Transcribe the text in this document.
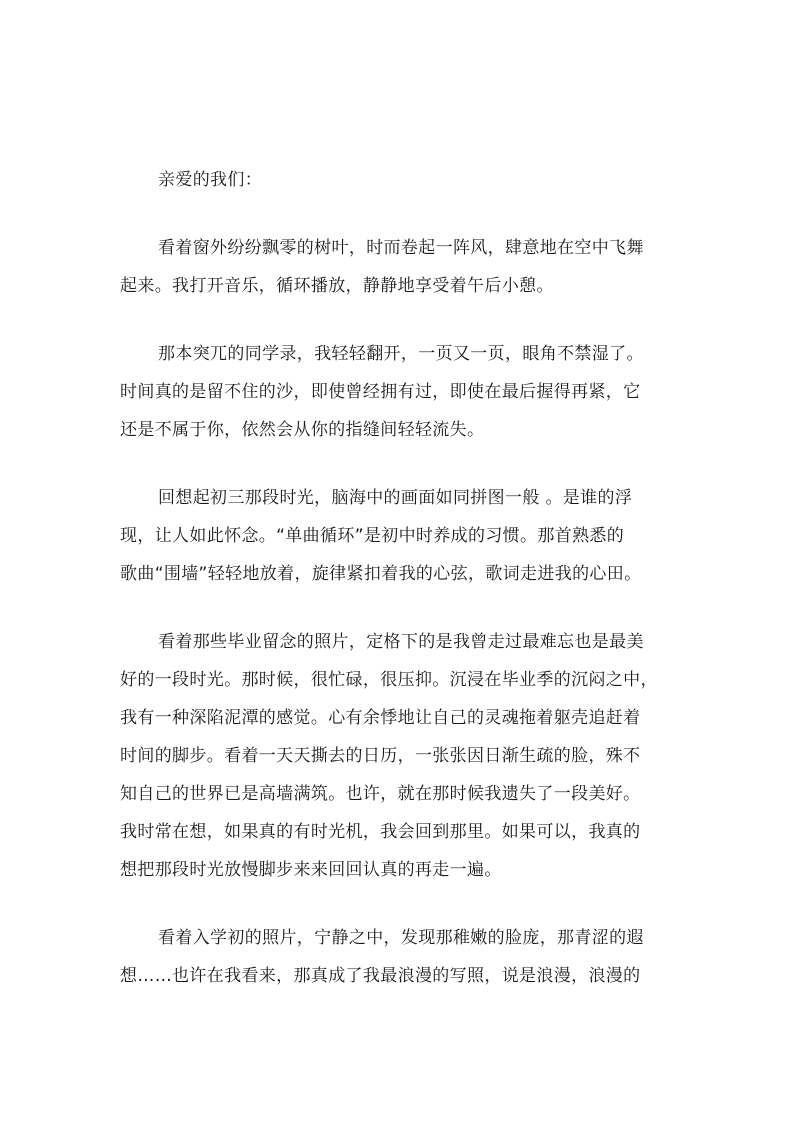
亲爱的我们：
看着窗外纷纷飘零的树叶，时而卷起一阵风，肆意地在空中飞舞
起来。我打开音乐，循环播放，静静地享受着午后小憩。
那本突兀的同学录，我轻轻翻开，一页又一页，眼角不禁湿了。
时间真的是留不住的沙，即使曾经拥有过，即使在最后握得再紧，它
还是不属于你，依然会从你的指缝间轻轻流失。
回想起初三那段时光，脑海中的画面如同拼图一般 。是谁的浮
现，让人如此怀念。“单曲循环”是初中时养成的习惯。那首熟悉的
歌曲“围墙”轻轻地放着，旋律紧扣着我的心弦，歌词走进我的心田。
看着那些毕业留念的照片，定格下的是我曾走过最难忘也是最美
好的一段时光。那时候，很忙碌，很压抑。沉浸在毕业季的沉闷之中，
我有一种深陷泥潭的感觉。心有余悸地让自己的灵魂拖着躯壳追赶着
时间的脚步。看着一天天撕去的日历，一张张因日渐生疏的脸，殊不
知自己的世界已是高墙满筑。也许，就在那时候我遗失了一段美好。
我时常在想，如果真的有时光机，我会回到那里。如果可以，我真的
想把那段时光放慢脚步来来回回认真的再走一遍。
看着入学初的照片，宁静之中，发现那稚嫩的脸庞，那青涩的遐
想……也许在我看来，那真成了我最浪漫的写照，说是浪漫，浪漫的
